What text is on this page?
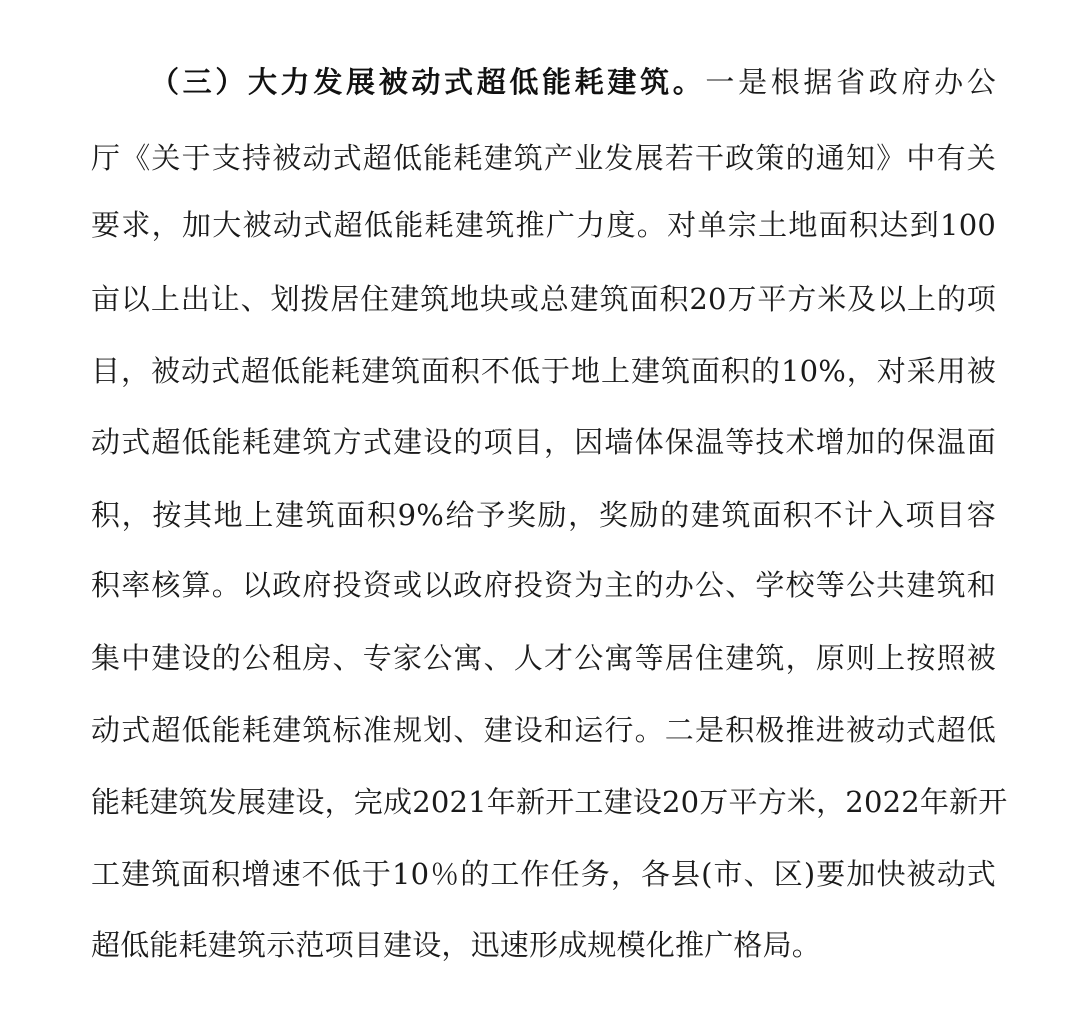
（三）大力发展被动式超低能耗建筑。一是根据省政府办公
厅《关于支持被动式超低能耗建筑产业发展若干政策的通知》中有关
要求，加大被动式超低能耗建筑推广力度。对单宗土地面积达到100
亩以上出让、划拨居住建筑地块或总建筑面积20万平方米及以上的项
目，被动式超低能耗建筑面积不低于地上建筑面积的10%，对采用被
动式超低能耗建筑方式建设的项目，因墙体保温等技术增加的保温面
积，按其地上建筑面积9%给予奖励，奖励的建筑面积不计入项目容
积率核算。以政府投资或以政府投资为主的办公、学校等公共建筑和
集中建设的公租房、专家公寓、人才公寓等居住建筑，原则上按照被
动式超低能耗建筑标准规划、建设和运行。二是积极推进被动式超低
能耗建筑发展建设，完成2021年新开工建设20万平方米，2022年新开
工建筑面积增速不低于10％的工作任务，各县(市、区)要加快被动式
超低能耗建筑示范项目建设，迅速形成规模化推广格局。
